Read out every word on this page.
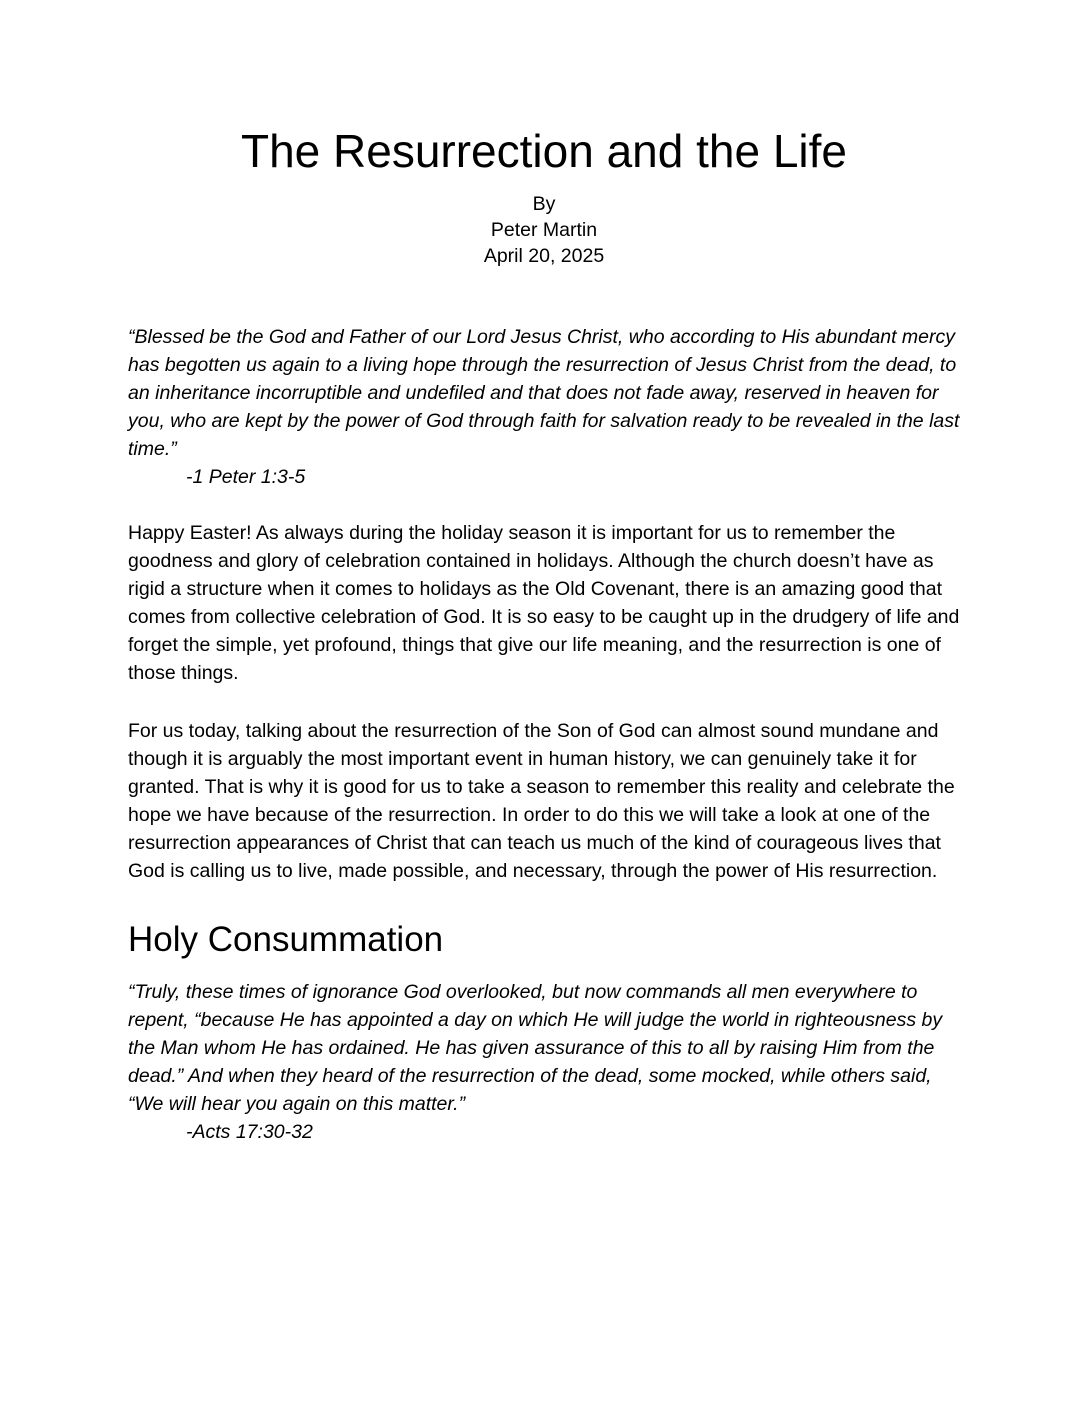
The Resurrection and the Life
By
Peter Martin
April 20, 2025
“Blessed be the God and Father of our Lord Jesus Christ, who according to His abundant mercy has begotten us again to a living hope through the resurrection of Jesus Christ from the dead, to an inheritance incorruptible and undefiled and that does not fade away, reserved in heaven for you, who are kept by the power of God through faith for salvation ready to be revealed in the last time.”
-1 Peter 1:3-5

Happy Easter! As always during the holiday season it is important for us to remember the goodness and glory of celebration contained in holidays. Although the church doesn’t have as rigid a structure when it comes to holidays as the Old Covenant, there is an amazing good that comes from collective celebration of God. It is so easy to be caught up in the drudgery of life and forget the simple, yet profound, things that give our life meaning, and the resurrection is one of those things.

For us today, talking about the resurrection of the Son of God can almost sound mundane and though it is arguably the most important event in human history, we can genuinely take it for granted. That is why it is good for us to take a season to remember this reality and celebrate the hope we have because of the resurrection. In order to do this we will take a look at one of the resurrection appearances of Christ that can teach us much of the kind of courageous lives that God is calling us to live, made possible, and necessary, through the power of His resurrection.

Holy Consummation
“Truly, these times of ignorance God overlooked, but now commands all men everywhere to repent, “because He has appointed a day on which He will judge the world in righteousness by the Man whom He has ordained. He has given assurance of this to all by raising Him from the dead.” And when they heard of the resurrection of the dead, some mocked, while others said, “We will hear you again on this matter.”
-Acts 17:30-32
